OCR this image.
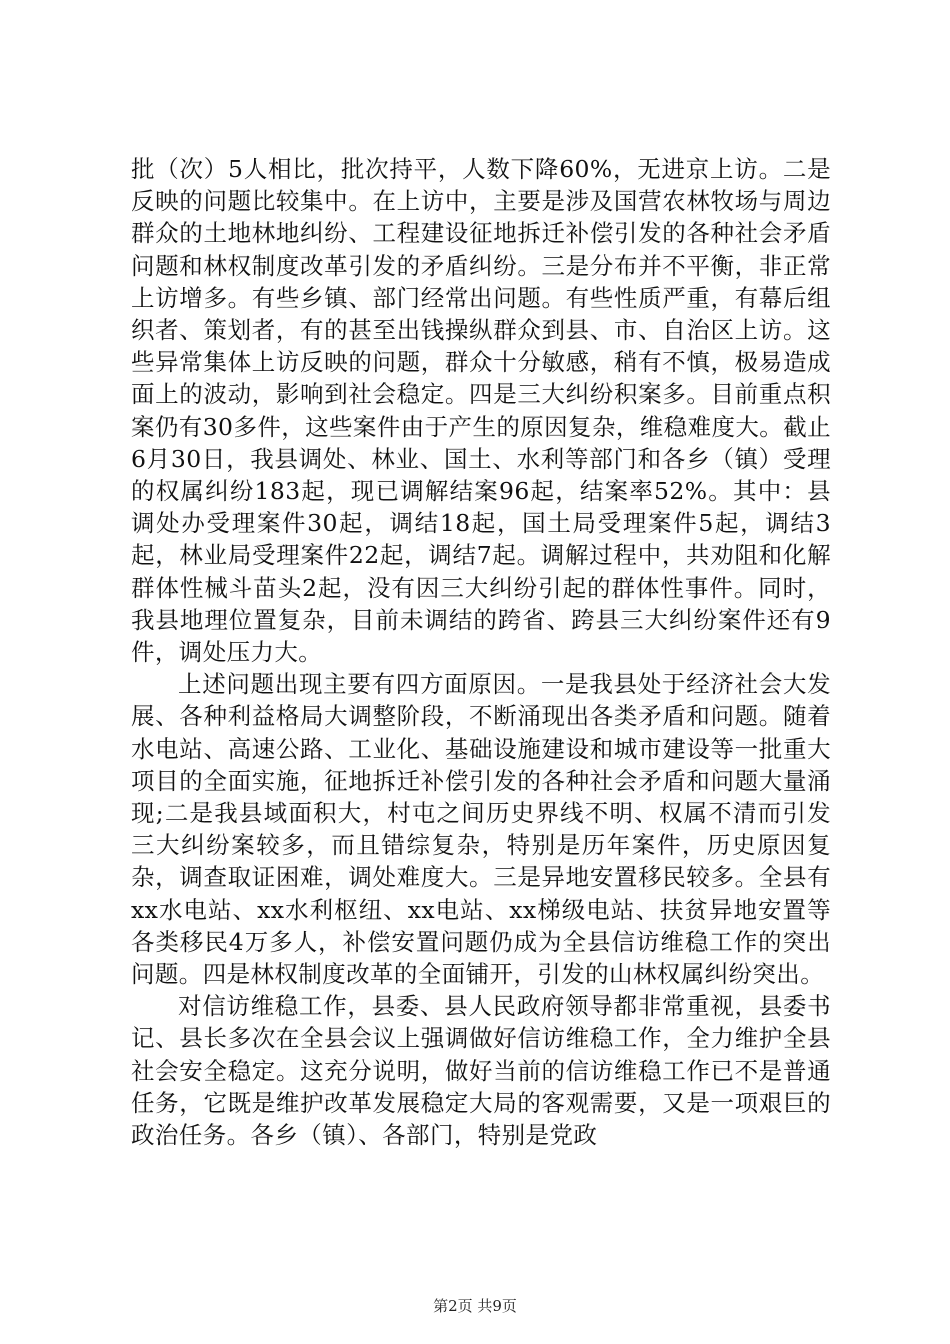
批（次）5人相比，批次持平，人数下降60%，无进京上访。二是反映的问题比较集中。在上访中，主要是涉及国营农林牧场与周边群众的土地林地纠纷、工程建设征地拆迁补偿引发的各种社会矛盾问题和林权制度改革引发的矛盾纠纷。三是分布并不平衡，非正常上访增多。有些乡镇、部门经常出问题。有些性质严重，有幕后组织者、策划者，有的甚至出钱操纵群众到县、市、自治区上访。这些异常集体上访反映的问题，群众十分敏感，稍有不慎，极易造成面上的波动，影响到社会稳定。四是三大纠纷积案多。目前重点积案仍有30多件，这些案件由于产生的原因复杂，维稳难度大。截止6月30日，我县调处、林业、国土、水利等部门和各乡（镇）受理的权属纠纷183起，现已调解结案96起，结案率52%。其中：县调处办受理案件30起，调结18起，国土局受理案件5起，调结3起，林业局受理案件22起，调结7起。调解过程中，共劝阻和化解群体性械斗苗头2起，没有因三大纠纷引起的群体性事件。同时，我县地理位置复杂，目前未调结的跨省、跨县三大纠纷案件还有9件，调处压力大。

上述问题出现主要有四方面原因。一是我县处于经济社会大发展、各种利益格局大调整阶段，不断涌现出各类矛盾和问题。随着水电站、高速公路、工业化、基础设施建设和城市建设等一批重大项目的全面实施，征地拆迁补偿引发的各种社会矛盾和问题大量涌现;二是我县域面积大，村屯之间历史界线不明、权属不清而引发三大纠纷案较多，而且错综复杂，特别是历年案件，历史原因复杂，调查取证困难，调处难度大。三是异地安置移民较多。全县有xx水电站、xx水利枢纽、xx电站、xx梯级电站、扶贫异地安置等各类移民4万多人，补偿安置问题仍成为全县信访维稳工作的突出问题。四是林权制度改革的全面铺开，引发的山林权属纠纷突出。

对信访维稳工作，县委、县人民政府领导都非常重视，县委书记、县长多次在全县会议上强调做好信访维稳工作，全力维护全县社会安全稳定。这充分说明，做好当前的信访维稳工作已不是普通任务，它既是维护改革发展稳定大局的客观需要，又是一项艰巨的政治任务。各乡（镇）、各部门，特别是党政

第2页 共9页
